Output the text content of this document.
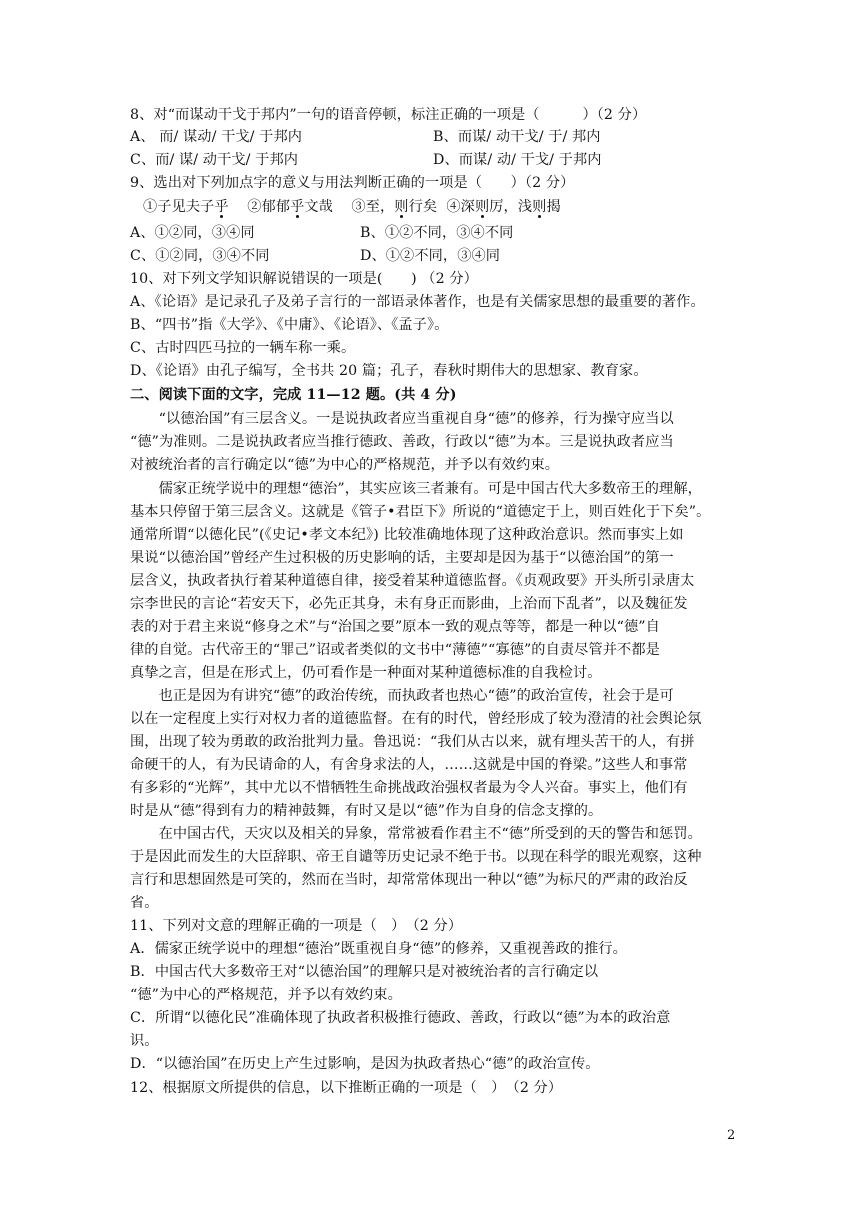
8、对“而谋动干戈于邦内”一句的语音停顿，标注正确的一项是（　　　）（2 分）
A、 而/ 谋动/ 干戈/ 于邦内	B、而谋/ 动干戈/ 于/ 邦内
C、而/ 谋/ 动干戈/ 于邦内	D、而谋/ 动/ 干戈/ 于邦内
9、选出对下列加点字的意义与用法判断正确的一项是（　　）（2 分）
①子见夫子乎 ②郁郁乎文哉 ③至，则行矣 ④深则厉，浅则揭
A、①②同，③④同	B、①②不同，③④不同
C、①②同，③④不同	D、①②不同，③④同
10、对下列文学知识解说错误的一项是(　　) （2 分）
A、《论语》是记录孔子及弟子言行的一部语录体著作，也是有关儒家思想的最重要的著作。
B、“四书”指《大学》、《中庸》、《论语》、《孟子》。
C、古时四匹马拉的一辆车称一乘。
D、《论语》由孔子编写，全书共 20 篇；孔子，春秋时期伟大的思想家、教育家。
二、阅读下面的文字，完成 11—12 题。(共 4 分)
　　“以德治国”有三层含义。一是说执政者应当重视自身“德”的修养，行为操守应当以
“德”为准则。二是说执政者应当推行德政、善政，行政以“德”为本。三是说执政者应当
对被统治者的言行确定以“德”为中心的严格规范，并予以有效约束。
　　儒家正统学说中的理想“德治”，其实应该三者兼有。可是中国古代大多数帝王的理解，
基本只停留于第三层含义。这就是《管子•君臣下》所说的“道德定于上，则百姓化于下矣”。
通常所谓“以德化民”(《史记•孝文本纪》) 比较准确地体现了这种政治意识。然而事实上如
果说“以德治国”曾经产生过积极的历史影响的话，主要却是因为基于“以德治国”的第一
层含义，执政者执行着某种道德自律，接受着某种道德监督。《贞观政要》开头所引录唐太
宗李世民的言论“若安天下，必先正其身，未有身正而影曲，上治而下乱者”，以及魏征发
表的对于君主来说“修身之术”与“治国之要”原本一致的观点等等，都是一种以“德”自
律的自觉。古代帝王的“罪己”诏或者类似的文书中“薄德”“寡德”的自责尽管并不都是
真挚之言，但是在形式上，仍可看作是一种面对某种道德标准的自我检讨。
　　也正是因为有讲究“德”的政治传统，而执政者也热心“德”的政治宣传，社会于是可
以在一定程度上实行对权力者的道德监督。在有的时代，曾经形成了较为澄清的社会舆论氛
围，出现了较为勇敢的政治批判力量。鲁迅说：“我们从古以来，就有埋头苦干的人，有拼
命硬干的人，有为民请命的人，有舍身求法的人，……这就是中国的脊梁。”这些人和事常
有多彩的“光辉”，其中尤以不惜牺牲生命挑战政治强权者最为令人兴奋。事实上，他们有
时是从“德”得到有力的精神鼓舞，有时又是以“德”作为自身的信念支撑的。
　　在中国古代，天灾以及相关的异象，常常被看作君主不“德”所受到的天的警告和惩罚。
于是因此而发生的大臣辞职、帝王自谴等历史记录不绝于书。以现在科学的眼光观察，这种
言行和思想固然是可笑的，然而在当时，却常常体现出一种以“德”为标尺的严肃的政治反
省。
11、下列对文意的理解正确的一项是（　）　（2 分）
A．儒家正统学说中的理想“德治”既重视自身“德”的修养，又重视善政的推行。
B．中国古代大多数帝王对“以德治国”的理解只是对被统治者的言行确定以
“德”为中心的严格规范，并予以有效约束。
C．所谓“以德化民”准确体现了执政者积极推行德政、善政，行政以“德”为本的政治意
识。
D．“以德治国”在历史上产生过影响，是因为执政者热心“德”的政治宣传。
12、根据原文所提供的信息，以下推断正确的一项是（　）　（2 分）
2
